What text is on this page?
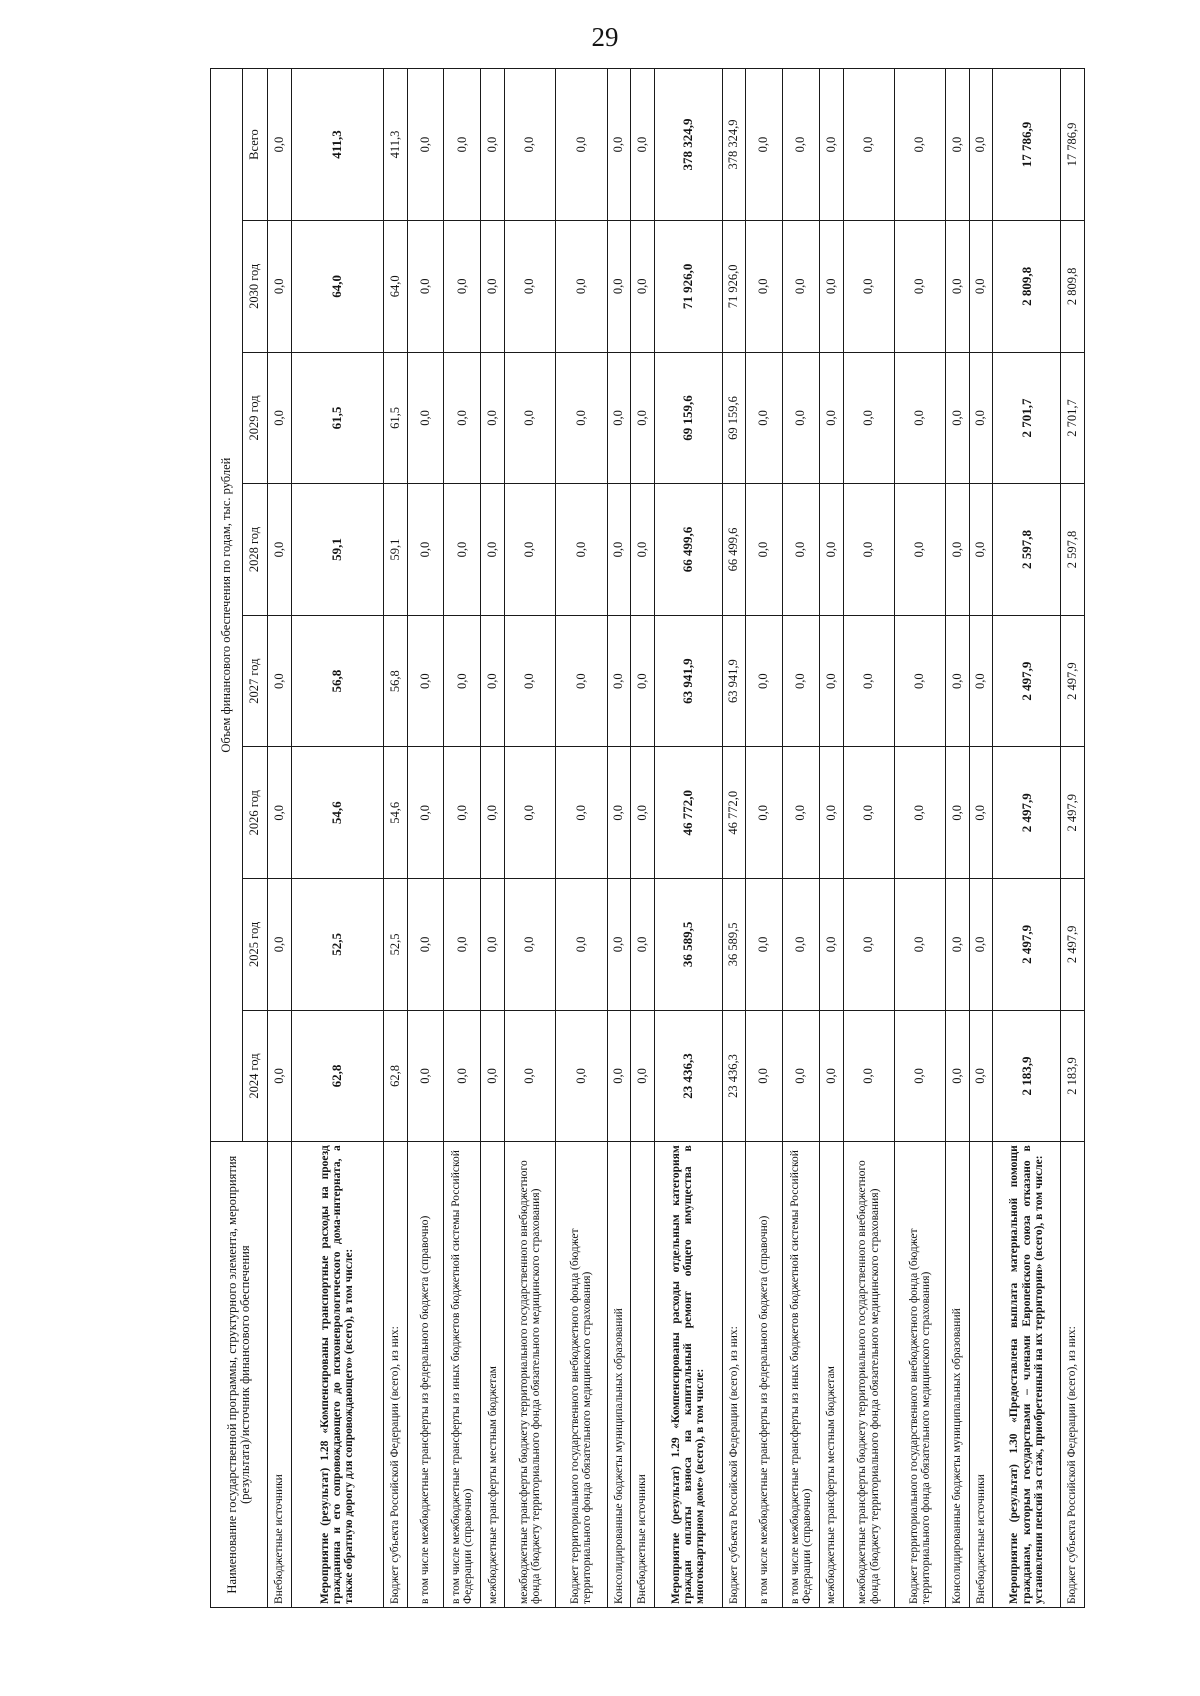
29
Наименование государственной программы, структурного элемента, мероприятия (результата)/источник финансового обеспечения	Объем финансового обеспечения по годам, тыс. рублей							
	2024 год	2025 год	2026 год	2027 год	2028 год	2029 год	2030 год	Всего
Внебюджетные источники	0,0	0,0	0,0	0,0	0,0	0,0	0,0	0,0
Мероприятие (результат) 1.28 «Компенсированы транспортные расходы на проезд гражданина и его сопровождающего до психоневрологического дома-интерната, а также обратную дорогу для сопровождающего» (всего), в том числе:	62,8	52,5	54,6	56,8	59,1	61,5	64,0	411,3
Бюджет субъекта Российской Федерации (всего), из них:	62,8	52,5	54,6	56,8	59,1	61,5	64,0	411,3
в том числе межбюджетные трансферты из федерального бюджета (справочно)	0,0	0,0	0,0	0,0	0,0	0,0	0,0	0,0
в том числе межбюджетные трансферты из иных бюджетов бюджетной системы Российской Федерации (справочно)	0,0	0,0	0,0	0,0	0,0	0,0	0,0	0,0
межбюджетные трансферты местным бюджетам	0,0	0,0	0,0	0,0	0,0	0,0	0,0	0,0
межбюджетные трансферты бюджету территориального государственного внебюджетного фонда (бюджету территориального фонда обязательного медицинского страхования)	0,0	0,0	0,0	0,0	0,0	0,0	0,0	0,0
Бюджет территориального государственного внебюджетного фонда (бюджет территориального фонда обязательного медицинского страхования)	0,0	0,0	0,0	0,0	0,0	0,0	0,0	0,0
Консолидированные бюджеты муниципальных образований	0,0	0,0	0,0	0,0	0,0	0,0	0,0	0,0
Внебюджетные источники	0,0	0,0	0,0	0,0	0,0	0,0	0,0	0,0
Мероприятие (результат) 1.29 «Компенсированы расходы отдельным категориям граждан оплаты взноса на капитальный ремонт общего имущества в многоквартирном доме» (всего), в том числе:	23 436,3	36 589,5	46 772,0	63 941,9	66 499,6	69 159,6	71 926,0	378 324,9
Бюджет субъекта Российской Федерации (всего), из них:	23 436,3	36 589,5	46 772,0	63 941,9	66 499,6	69 159,6	71 926,0	378 324,9
в том числе межбюджетные трансферты из федерального бюджета (справочно)	0,0	0,0	0,0	0,0	0,0	0,0	0,0	0,0
в том числе межбюджетные трансферты из иных бюджетов бюджетной системы Российской Федерации (справочно)	0,0	0,0	0,0	0,0	0,0	0,0	0,0	0,0
межбюджетные трансферты местным бюджетам	0,0	0,0	0,0	0,0	0,0	0,0	0,0	0,0
межбюджетные трансферты бюджету территориального государственного внебюджетного фонда (бюджету территориального фонда обязательного медицинского страхования)	0,0	0,0	0,0	0,0	0,0	0,0	0,0	0,0
Бюджет территориального государственного внебюджетного фонда (бюджет территориального фонда обязательного медицинского страхования)	0,0	0,0	0,0	0,0	0,0	0,0	0,0	0,0
Консолидированные бюджеты муниципальных образований	0,0	0,0	0,0	0,0	0,0	0,0	0,0	0,0
Внебюджетные источники	0,0	0,0	0,0	0,0	0,0	0,0	0,0	0,0
Мероприятие (результат) 1.30 «Предоставлена выплата материальной помощи гражданам, которым государствами – членами Европейского союза отказано в установлении пенсий за стаж, приобретенный на их территории» (всего), в том числе:	2 183,9	2 497,9	2 497,9	2 497,9	2 597,8	2 701,7	2 809,8	17 786,9
Бюджет субъекта Российской Федерации (всего), из них:	2 183,9	2 497,9	2 497,9	2 497,9	2 597,8	2 701,7	2 809,8	17 786,9
